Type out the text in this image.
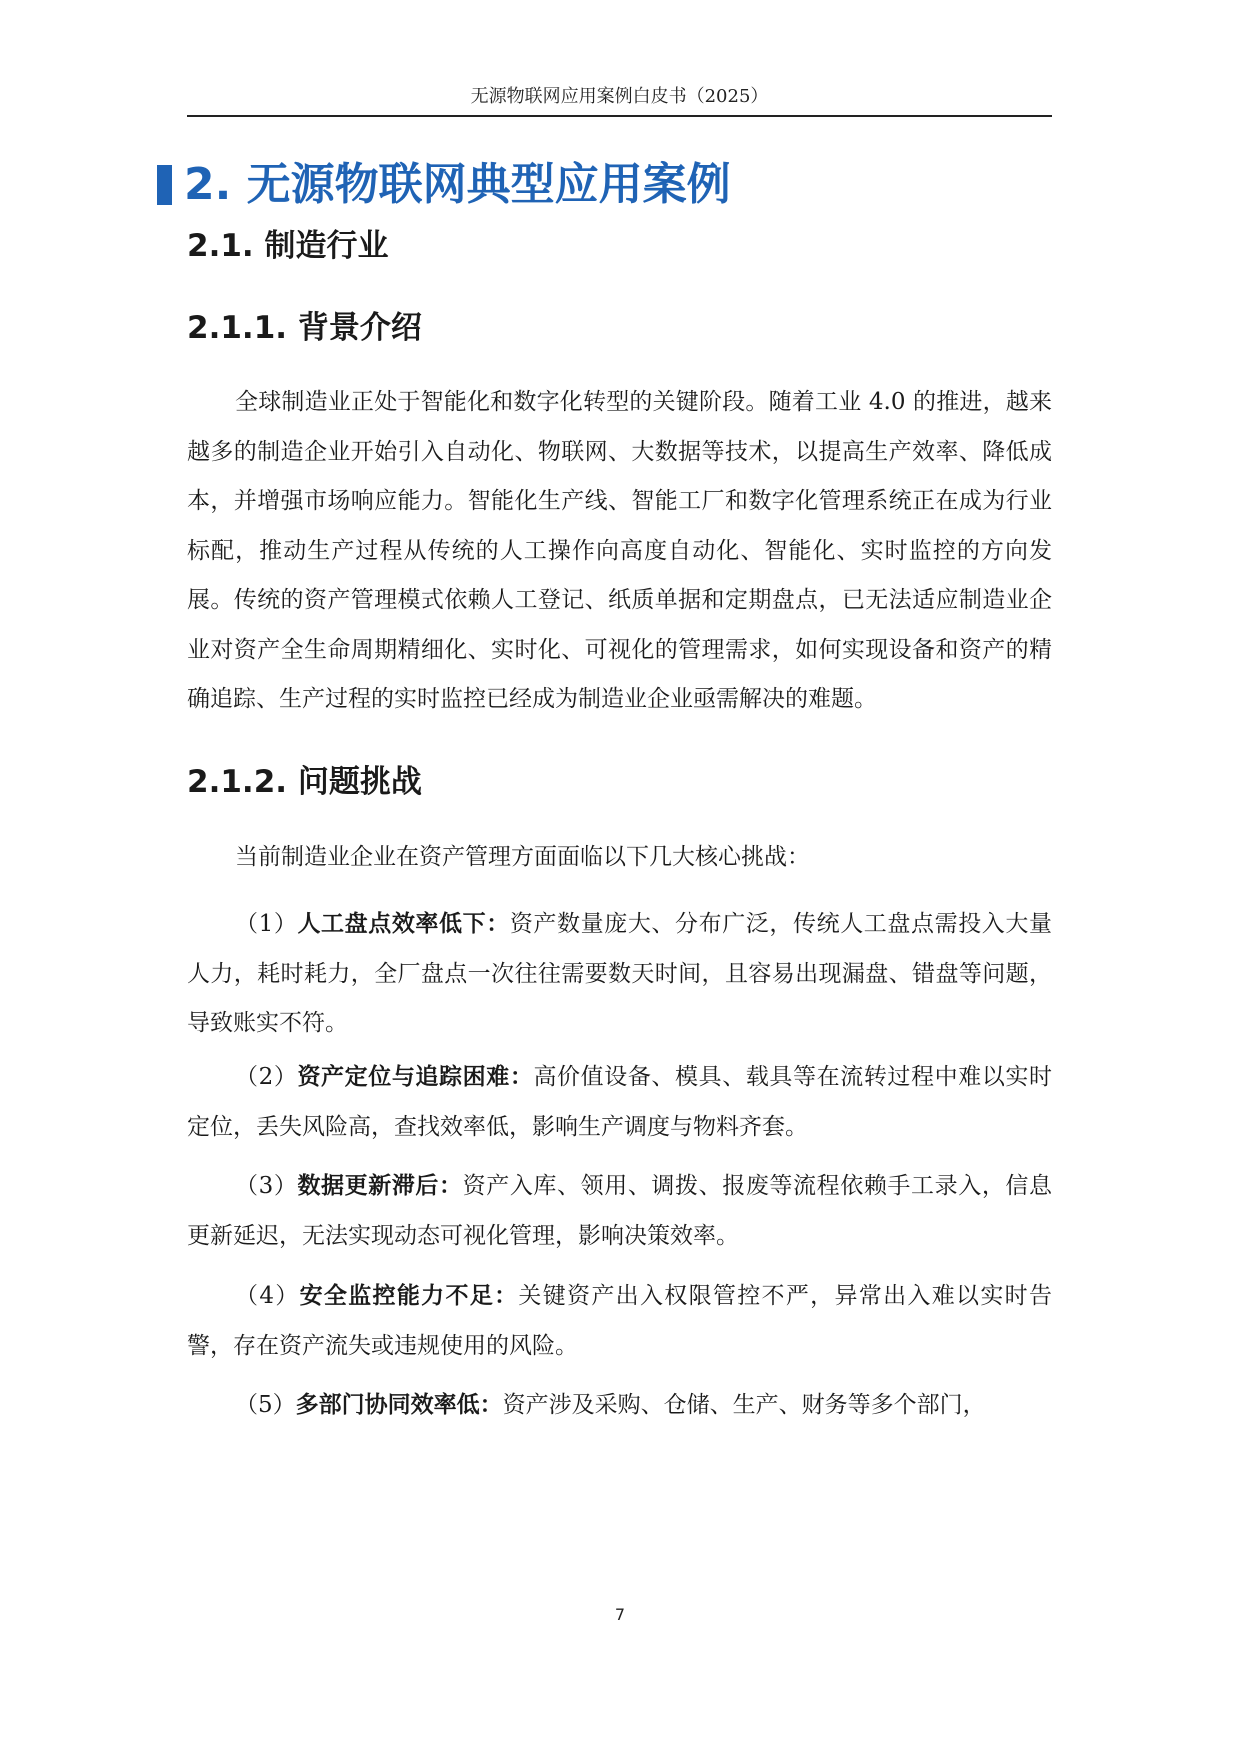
无源物联网应用案例白皮书（2025）
2. 无源物联网典型应用案例
2.1. 制造行业
2.1.1. 背景介绍

全球制造业正处于智能化和数字化转型的关键阶段。随着工业 4.0 的推进，越来越多的制造企业开始引入自动化、物联网、大数据等技术，以提高生产效率、降低成本，并增强市场响应能力。智能化生产线、智能工厂和数字化管理系统正在成为行业标配，推动生产过程从传统的人工操作向高度自动化、智能化、实时监控的方向发展。传统的资产管理模式依赖人工登记、纸质单据和定期盘点，已无法适应制造业企业对资产全生命周期精细化、实时化、可视化的管理需求，如何实现设备和资产的精确追踪、生产过程的实时监控已经成为制造业企业亟需解决的难题。

2.1.2. 问题挑战

当前制造业企业在资产管理方面面临以下几大核心挑战：

（1）人工盘点效率低下：资产数量庞大、分布广泛，传统人工盘点需投入大量人力，耗时耗力，全厂盘点一次往往需要数天时间，且容易出现漏盘、错盘等问题，导致账实不符。

（2）资产定位与追踪困难：高价值设备、模具、载具等在流转过程中难以实时定位，丢失风险高，查找效率低，影响生产调度与物料齐套。

（3）数据更新滞后：资产入库、领用、调拨、报废等流程依赖手工录入，信息更新延迟，无法实现动态可视化管理，影响决策效率。

（4）安全监控能力不足：关键资产出入权限管控不严，异常出入难以实时告警，存在资产流失或违规使用的风险。

（5）多部门协同效率低：资产涉及采购、仓储、生产、财务等多个部门，

7
